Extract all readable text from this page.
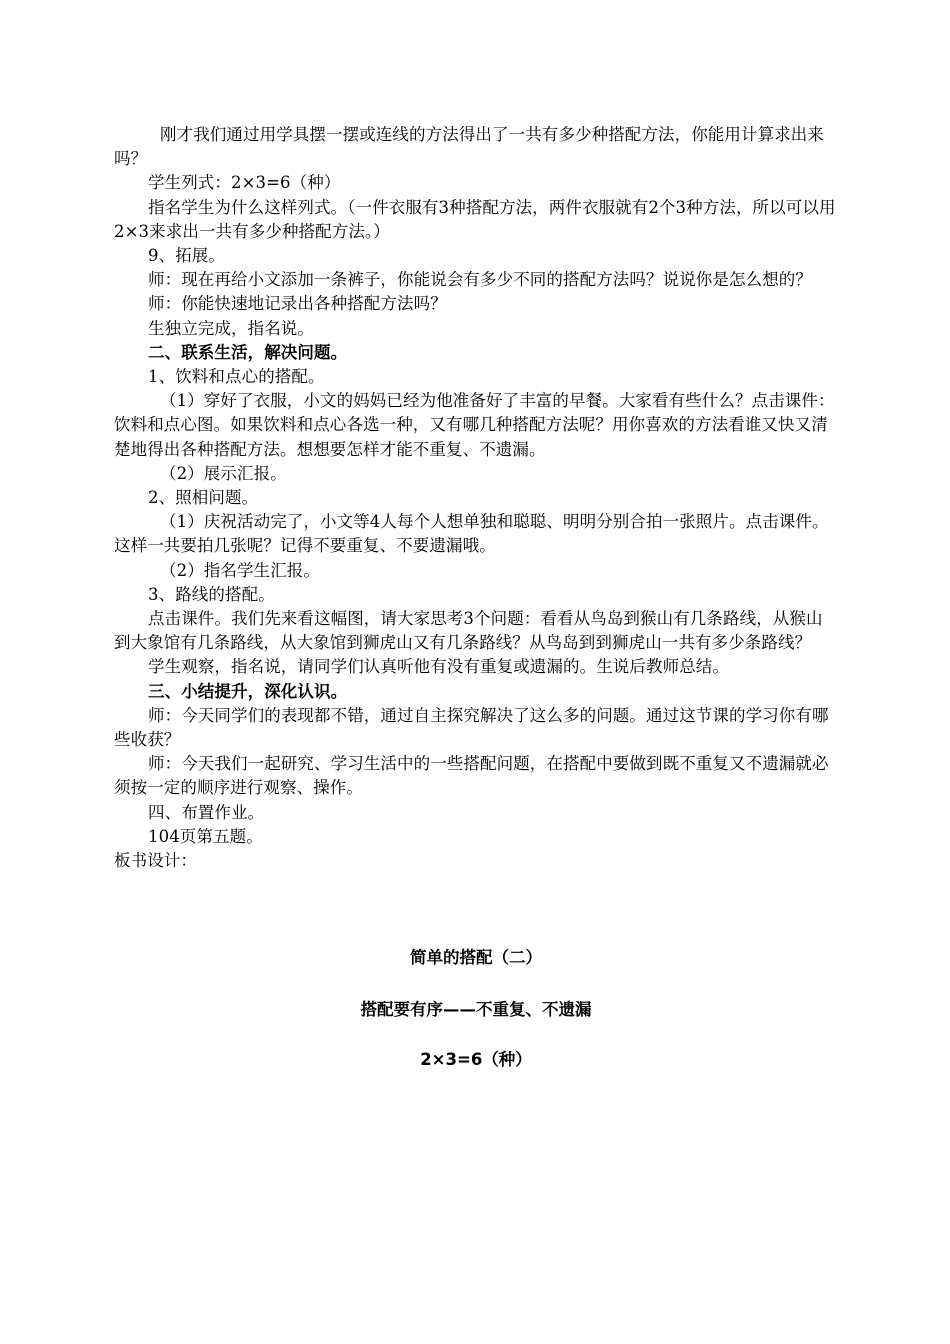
刚才我们通过用学具摆一摆或连线的方法得出了一共有多少种搭配方法，你能用计算求出来吗？

学生列式：2×3=6（种）

指名学生为什么这样列式。（一件衣服有3种搭配方法，两件衣服就有2个3种方法，所以可以用2×3来求出一共有多少种搭配方法。）

9、拓展。

师：现在再给小文添加一条裤子，你能说会有多少不同的搭配方法吗？说说你是怎么想的？

师：你能快速地记录出各种搭配方法吗？

生独立完成，指名说。

二、联系生活，解决问题。

1、饮料和点心的搭配。

（1）穿好了衣服，小文的妈妈已经为他准备好了丰富的早餐。大家看有些什么？点击课件：饮料和点心图。如果饮料和点心各选一种，又有哪几种搭配方法呢？用你喜欢的方法看谁又快又清楚地得出各种搭配方法。想想要怎样才能不重复、不遗漏。

（2）展示汇报。

2、照相问题。

（1）庆祝活动完了，小文等4人每个人想单独和聪聪、明明分别合拍一张照片。点击课件。这样一共要拍几张呢？记得不要重复、不要遗漏哦。

（2）指名学生汇报。

3、路线的搭配。

点击课件。我们先来看这幅图，请大家思考3个问题：看看从鸟岛到猴山有几条路线，从猴山到大象馆有几条路线，从大象馆到狮虎山又有几条路线？从鸟岛到到狮虎山一共有多少条路线？

学生观察，指名说，请同学们认真听他有没有重复或遗漏的。生说后教师总结。

三、小结提升，深化认识。

师：今天同学们的表现都不错，通过自主探究解决了这么多的问题。通过这节课的学习你有哪些收获？

师：今天我们一起研究、学习生活中的一些搭配问题，在搭配中要做到既不重复又不遗漏就必须按一定的顺序进行观察、操作。

四、布置作业。

104页第五题。

板书设计：

简单的搭配（二）
搭配要有序——不重复、不遗漏
2×3=6（种）
